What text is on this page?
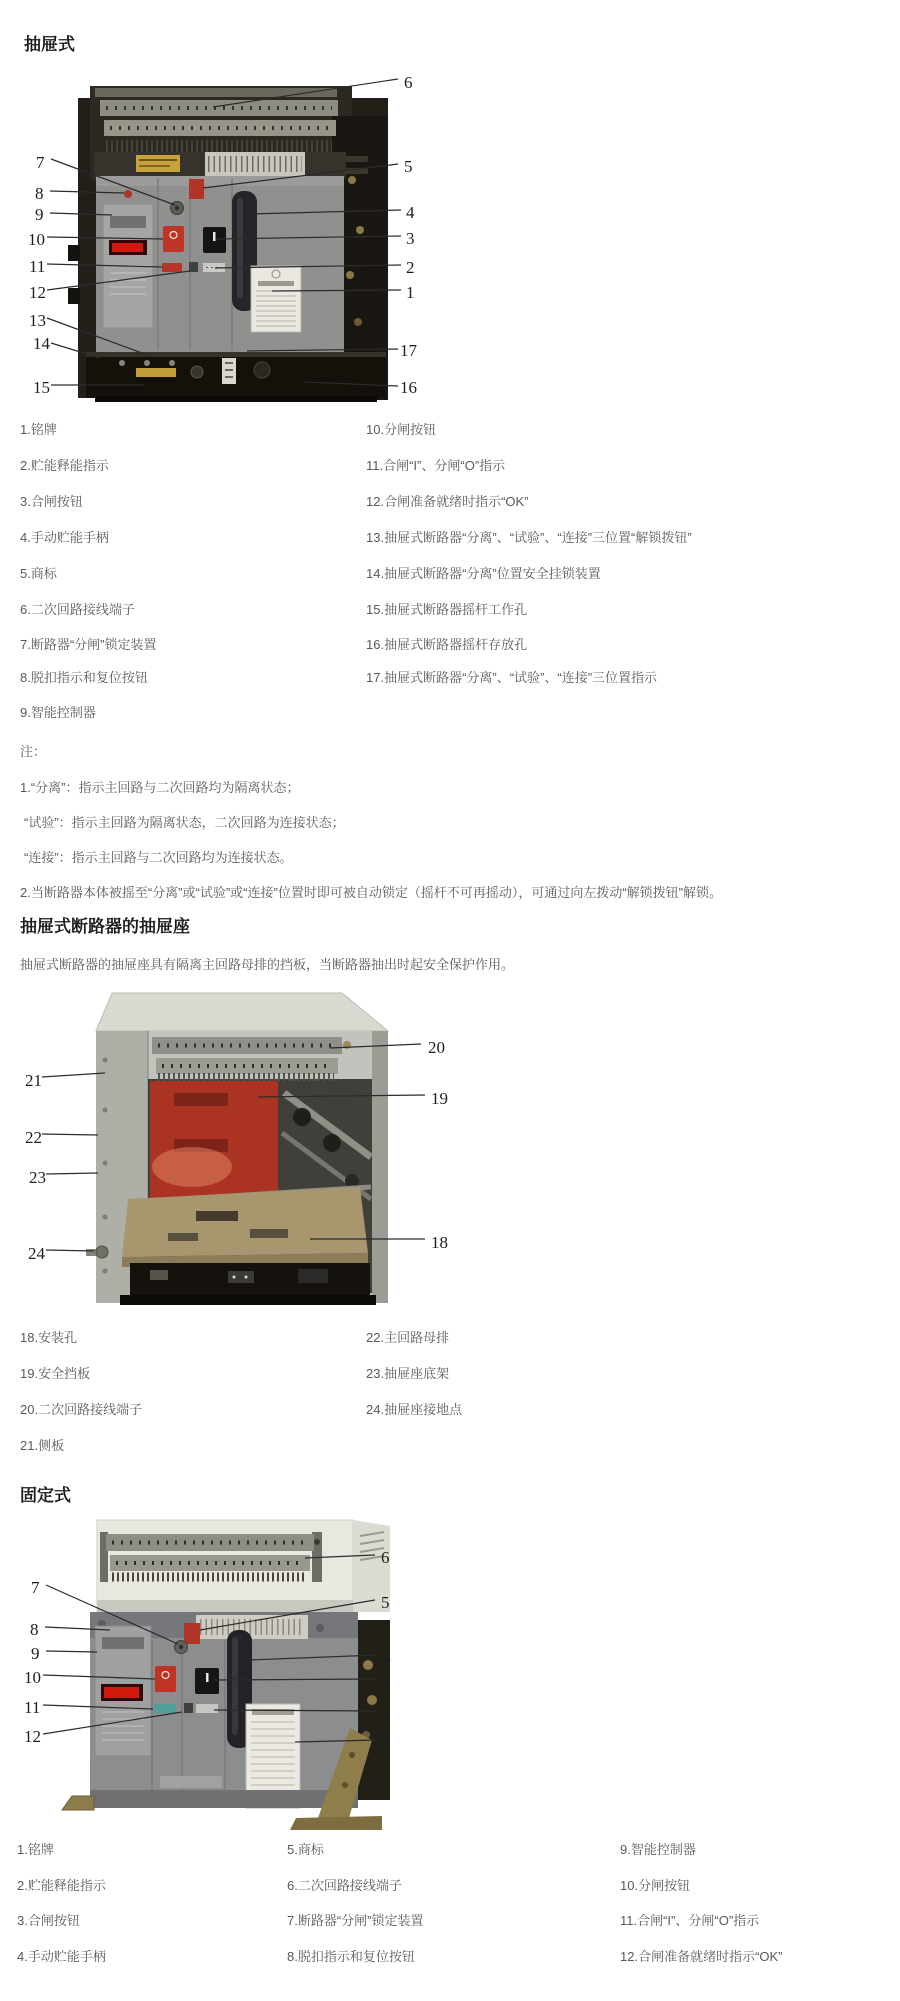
抽屉式
7
8
9
10
11
12
13
14
15
6
5
4
3
2
1
17
16
1.铭牌
2.贮能释能指示
3.合闸按钮
4.手动贮能手柄
5.商标
6.二次回路接线端子
7.断路器“分闸”锁定装置
8.脱扣指示和复位按钮
9.智能控制器
10.分闸按钮
11.合闸“I”、分闸“O”指示
12.合闸准备就绪时指示“OK”
13.抽屉式断路器“分离”、“试验”、“连接”三位置“解锁拨钮”
14.抽屉式断路器“分离”位置安全挂锁装置
15.抽屉式断路器摇杆工作孔
16.抽屉式断路器摇杆存放孔
17.抽屉式断路器“分离”、“试验”、“连接”三位置指示
注：
1.“分离”：指示主回路与二次回路均为隔离状态；
“试验”：指示主回路为隔离状态，二次回路为连接状态；
“连接”：指示主回路与二次回路均为连接状态。
2.当断路器本体被摇至“分离”或“试验”或“连接”位置时即可被自动锁定（摇杆不可再摇动），可通过向左拨动“解锁拨钮”解锁。
抽屉式断路器的抽屉座
抽屉式断路器的抽屉座具有隔离主回路母排的挡板，当断路器抽出时起安全保护作用。
21
22
23
24
20
19
18
18.安装孔
19.安全挡板
20.二次回路接线端子
21.侧板
22.主回路母排
23.抽屉座底架
24.抽屉座接地点
固定式
7
8
9
10
11
12
6
5
4
3
2
1
1.铭牌
2.贮能释能指示
3.合闸按钮
4.手动贮能手柄
5.商标
6.二次回路接线端子
7.断路器“分闸”锁定装置
8.脱扣指示和复位按钮
9.智能控制器
10.分闸按钮
11.合闸“I”、分闸“O”指示
12.合闸准备就绪时指示“OK”
